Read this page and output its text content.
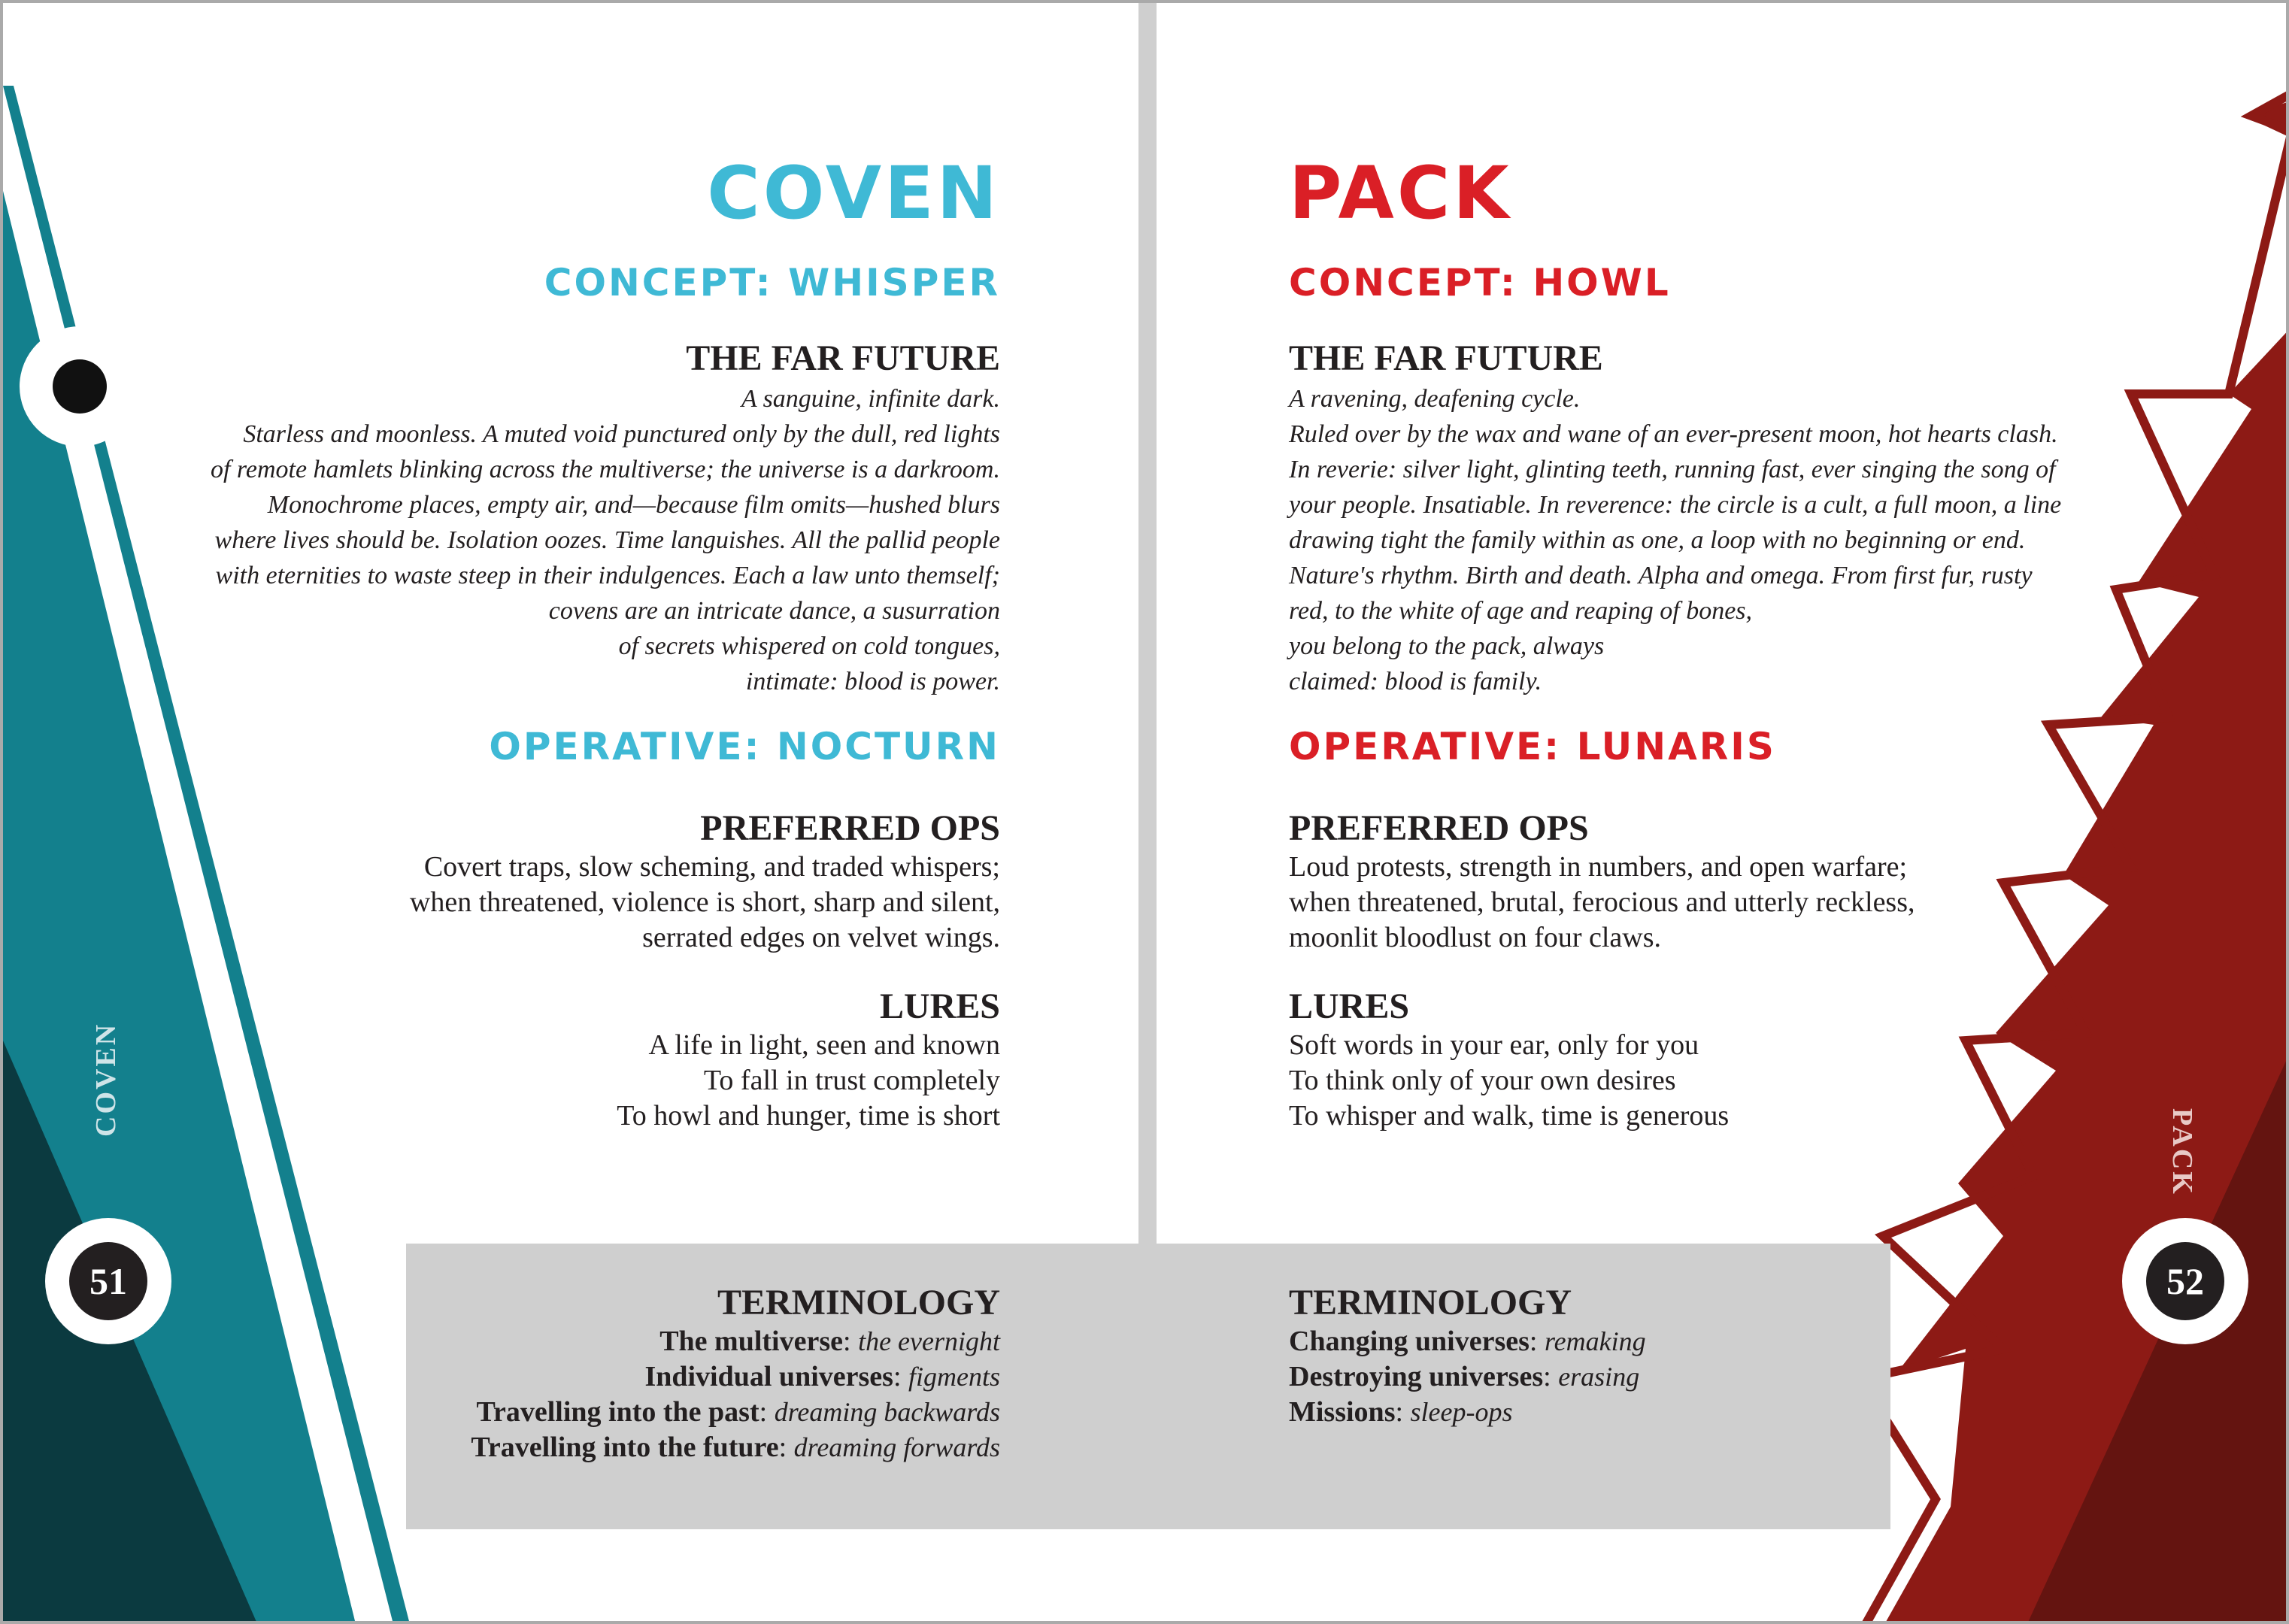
COVEN
CONCEPT: WHISPER
THE FAR FUTURE
A sanguine, infinite dark.
Starless and moonless. A muted void punctured only by the dull, red lights
of remote hamlets blinking across the multiverse; the universe is a darkroom.
Monochrome places, empty air, and—because film omits—hushed blurs
where lives should be. Isolation oozes. Time languishes. All the pallid people
with eternities to waste steep in their indulgences. Each a law unto themself;
covens are an intricate dance, a susurration
of secrets whispered on cold tongues,
intimate: blood is power.
OPERATIVE: NOCTURN
PREFERRED OPS
Covert traps, slow scheming, and traded whispers;
when threatened, violence is short, sharp and silent,
serrated edges on velvet wings.
LURES
A life in light, seen and known
To fall in trust completely
To howl and hunger, time is short
TERMINOLOGY
The multiverse: the evernight
Individual universes: figments
Travelling into the past: dreaming backwards
Travelling into the future: dreaming forwards
PACK
CONCEPT: HOWL
THE FAR FUTURE
A ravening, deafening cycle.
Ruled over by the wax and wane of an ever-present moon, hot hearts clash.
In reverie: silver light, glinting teeth, running fast, ever singing the song of
your people. Insatiable. In reverence: the circle is a cult, a full moon, a line
drawing tight the family within as one, a loop with no beginning or end.
Nature's rhythm. Birth and death. Alpha and omega. From first fur, rusty
red, to the white of age and reaping of bones,
you belong to the pack, always
claimed: blood is family.
OPERATIVE: LUNARIS
PREFERRED OPS
Loud protests, strength in numbers, and open warfare;
when threatened, brutal, ferocious and utterly reckless,
moonlit bloodlust on four claws.
LURES
Soft words in your ear, only for you
To think only of your own desires
To whisper and walk, time is generous
TERMINOLOGY
Changing universes: remaking
Destroying universes: erasing
Missions: sleep-ops
COVEN
PACK
51	52
